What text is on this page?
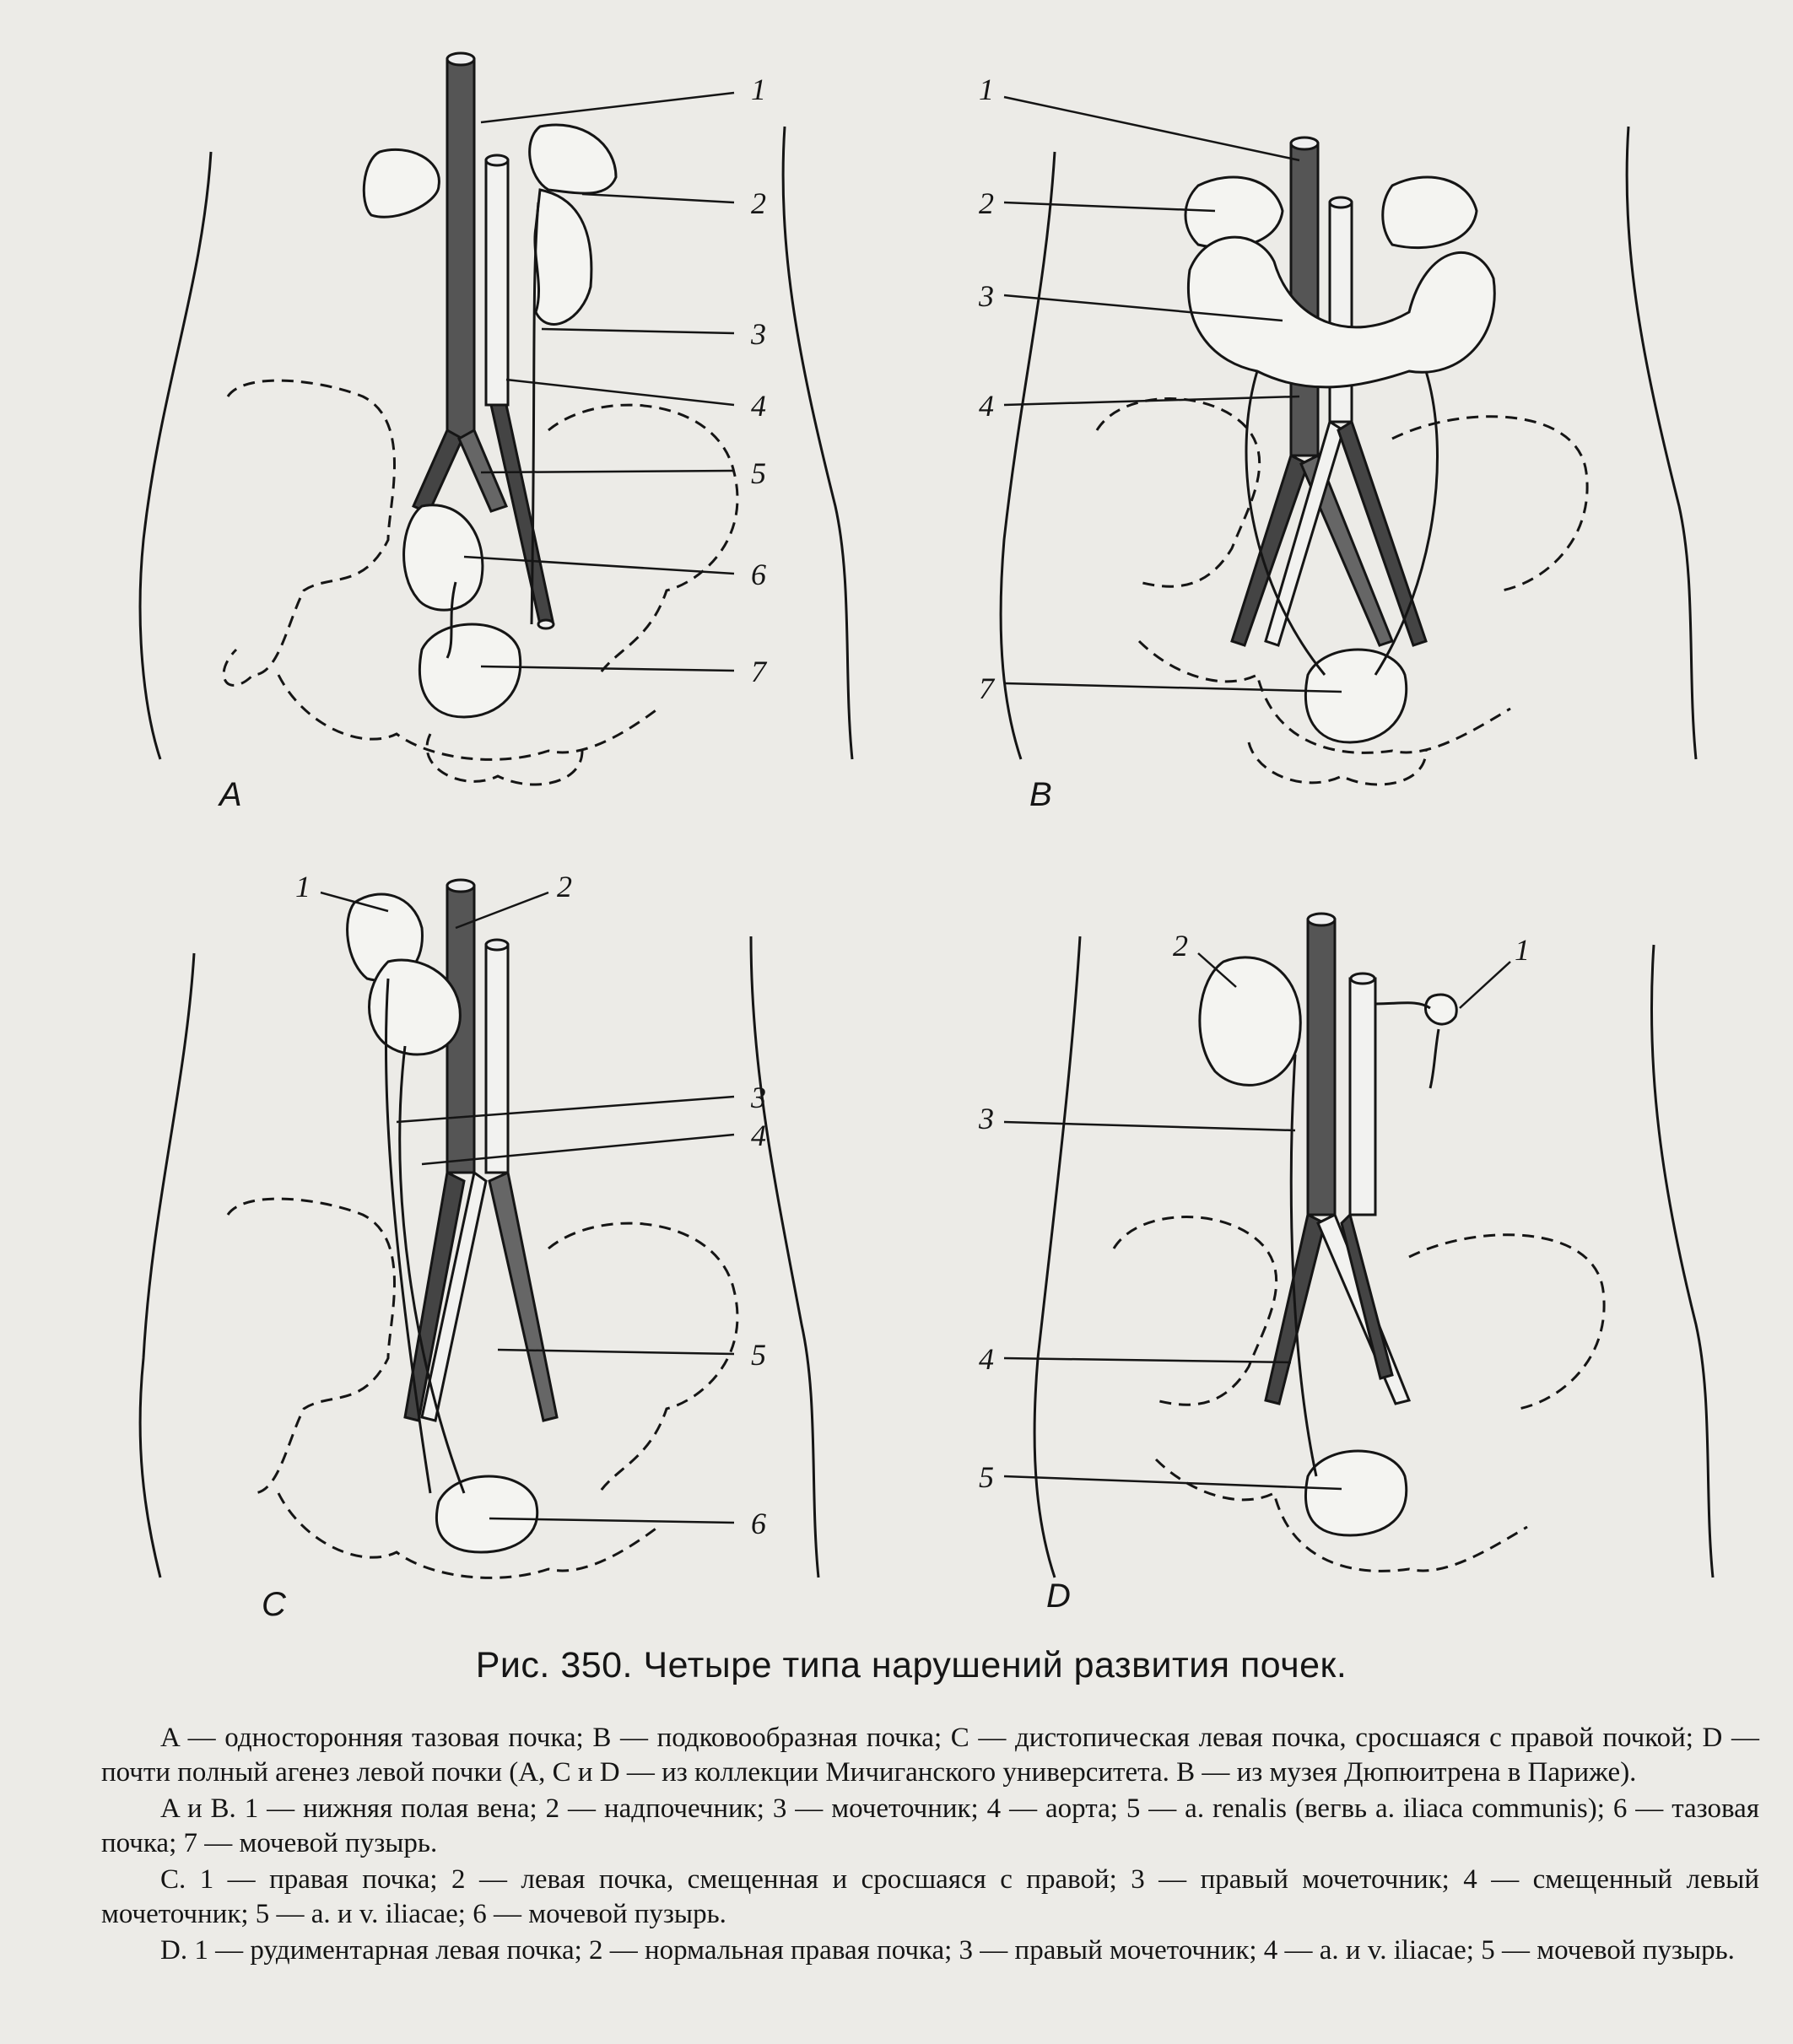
1
2
3
4
5
6
7
A
1
2
3
4
7
B
1	2
3
4
5
6
C
1
2
3
4
5
D
Рис. 350. Четыре типа нарушений развития почек.

A — односторонняя тазовая почка; B — подковообразная почка; C — дистопическая левая почка, сросшаяся с правой почкой; D — почти полный агенез левой почки (A, C и D — из коллекции Мичиганского университета. B — из музея Дюпюитрена в Париже).

A и B. 1 — нижняя полая вена; 2 — надпочечник; 3 — мочеточник; 4 — аорта; 5 — a. renalis (вегвь a. iliaca communis); 6 — тазовая почка; 7 — мочевой пузырь.

C. 1 — правая почка; 2 — левая почка, смещенная и сросшаяся с правой; 3 — правый мочеточник; 4 — смещенный левый мочеточник; 5 — a. и v. iliacae; 6 — мочевой пузырь.

D. 1 — рудиментарная левая почка; 2 — нормальная правая почка; 3 — правый мочеточник; 4 — a. и v. iliacae; 5 — мочевой пузырь.
